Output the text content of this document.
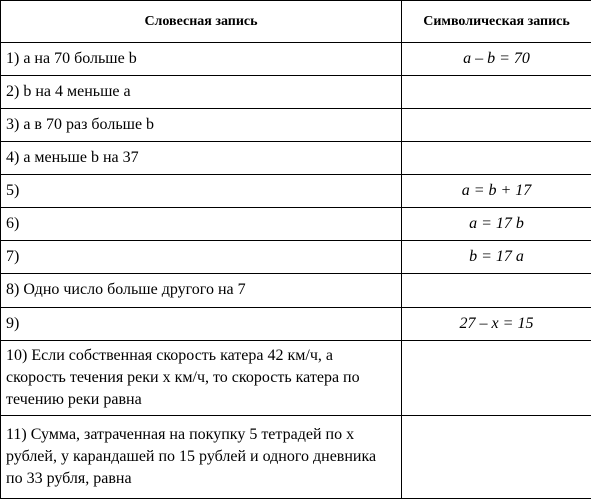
Словесная запись	Символическая запись
1) a на 70 больше b	a – b = 70
2) b на 4 меньше a	
3) a в 70 раз больше b	
4) a меньше b на 37	
5)	a = b + 17
6)	a = 17 b
7)	b = 17 a
8) Одно число больше другого на 7	
9)	27 – x = 15
10) Если собственная скорость катера 42 км/ч, а скорость течения реки x км/ч, то скорость катера по течению реки равна	
11) Сумма, затраченная на покупку 5 тетрадей по x рублей, y карандашей по 15 рублей и одного дневника по 33 рубля, равна	
